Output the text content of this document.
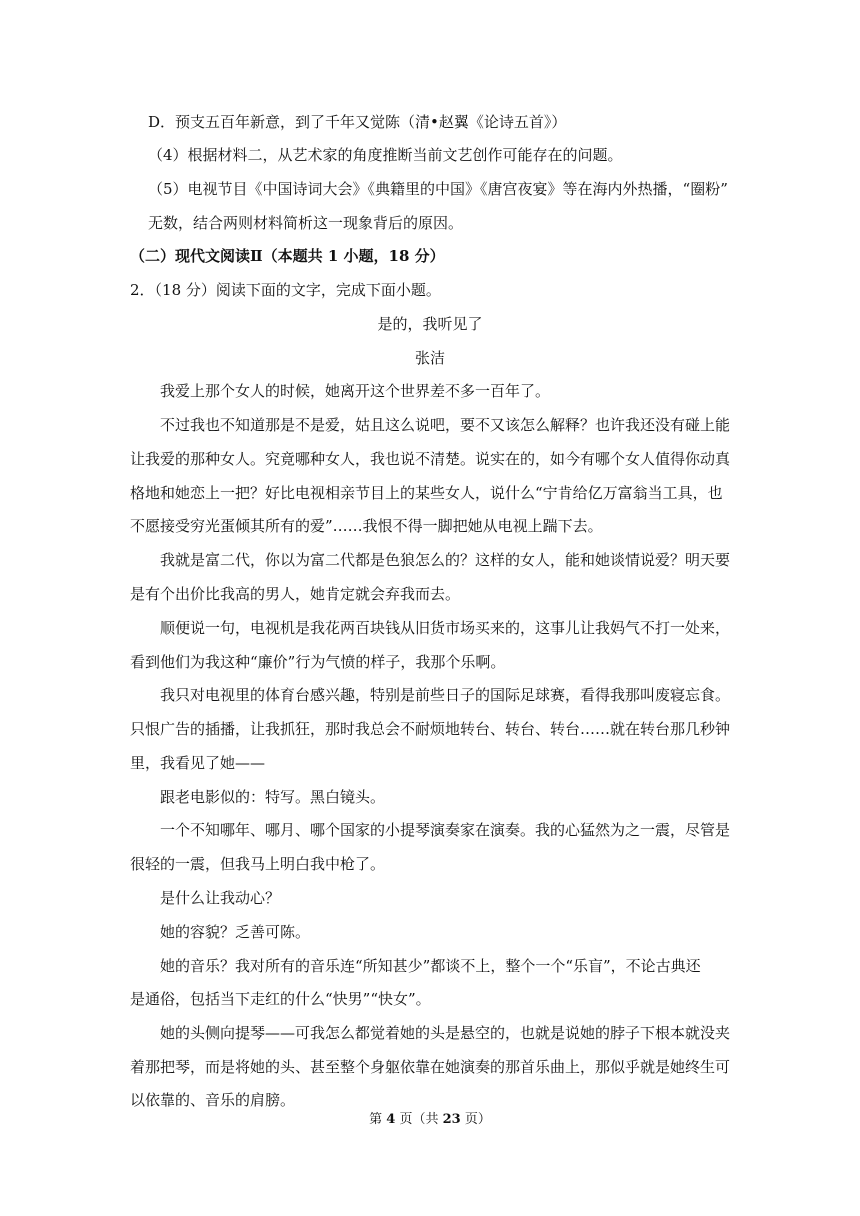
D．预支五百年新意，到了千年又觉陈（清•赵翼《论诗五首》）
（4）根据材料二，从艺术家的角度推断当前文艺创作可能存在的问题。
（5）电视节目《中国诗词大会》《典籍里的中国》《唐宫夜宴》等在海内外热播，“圈粉”
无数，结合两则材料简析这一现象背后的原因。
（二）现代文阅读Ⅱ（本题共 1 小题，18 分）
2．（18 分）阅读下面的文字，完成下面小题。
是的，我听见了
张洁
我爱上那个女人的时候，她离开这个世界差不多一百年了。
不过我也不知道那是不是爱，姑且这么说吧，要不又该怎么解释？也许我还没有碰上能
让我爱的那种女人。究竟哪种女人，我也说不清楚。说实在的，如今有哪个女人值得你动真
格地和她恋上一把？好比电视相亲节目上的某些女人，说什么“宁肯给亿万富翁当工具，也
不愿接受穷光蛋倾其所有的爱”……我恨不得一脚把她从电视上踹下去。
我就是富二代，你以为富二代都是色狼怎么的？这样的女人，能和她谈情说爱？明天要
是有个出价比我高的男人，她肯定就会弃我而去。
顺便说一句，电视机是我花两百块钱从旧货市场买来的，这事儿让我妈气不打一处来，
看到他们为我这种“廉价”行为气愤的样子，我那个乐啊。
我只对电视里的体育台感兴趣，特别是前些日子的国际足球赛，看得我那叫废寝忘食。
只恨广告的插播，让我抓狂，那时我总会不耐烦地转台、转台、转台……就在转台那几秒钟
里，我看见了她——
跟老电影似的：特写。黑白镜头。
一个不知哪年、哪月、哪个国家的小提琴演奏家在演奏。我的心猛然为之一震，尽管是
很轻的一震，但我马上明白我中枪了。
是什么让我动心？
她的容貌？乏善可陈。
她的音乐？我对所有的音乐连“所知甚少”都谈不上，整个一个“乐盲”，不论古典还
是通俗，包括当下走红的什么“快男”“快女”。
她的头侧向提琴——可我怎么都觉着她的头是悬空的，也就是说她的脖子下根本就没夹
着那把琴，而是将她的头、甚至整个身躯依靠在她演奏的那首乐曲上，那似乎就是她终生可
以依靠的、音乐的肩膀。
第 4 页（共 23 页）
